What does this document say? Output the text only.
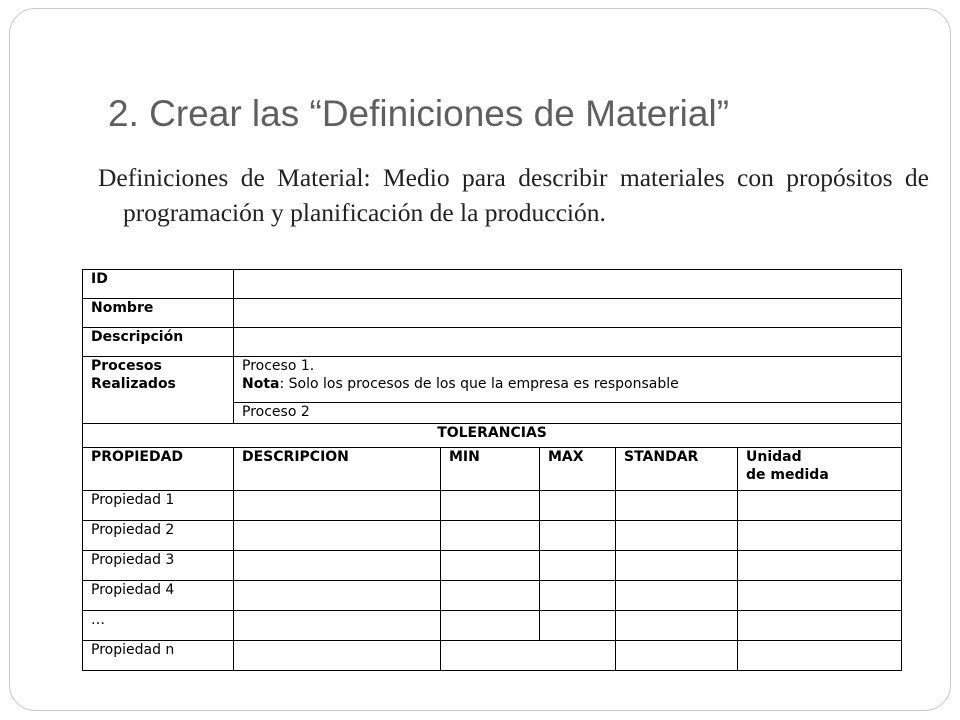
2. Crear las “Definiciones de Material”
Definiciones de Material: Medio para describir materiales con propósitos de programación y planificación de la producción.
ID					
Nombre					
Descripción					
Procesos
Realizados	Proceso 1.
Nota: Solo los procesos de los que la empresa es responsable				
	Proceso 2				
TOLERANCIAS					
PROPIEDAD	DESCRIPCION	MIN	MAX	STANDAR	Unidad
de medida
Propiedad 1					
Propiedad 2					
Propiedad 3					
Propiedad 4					
…					
Propiedad n					
